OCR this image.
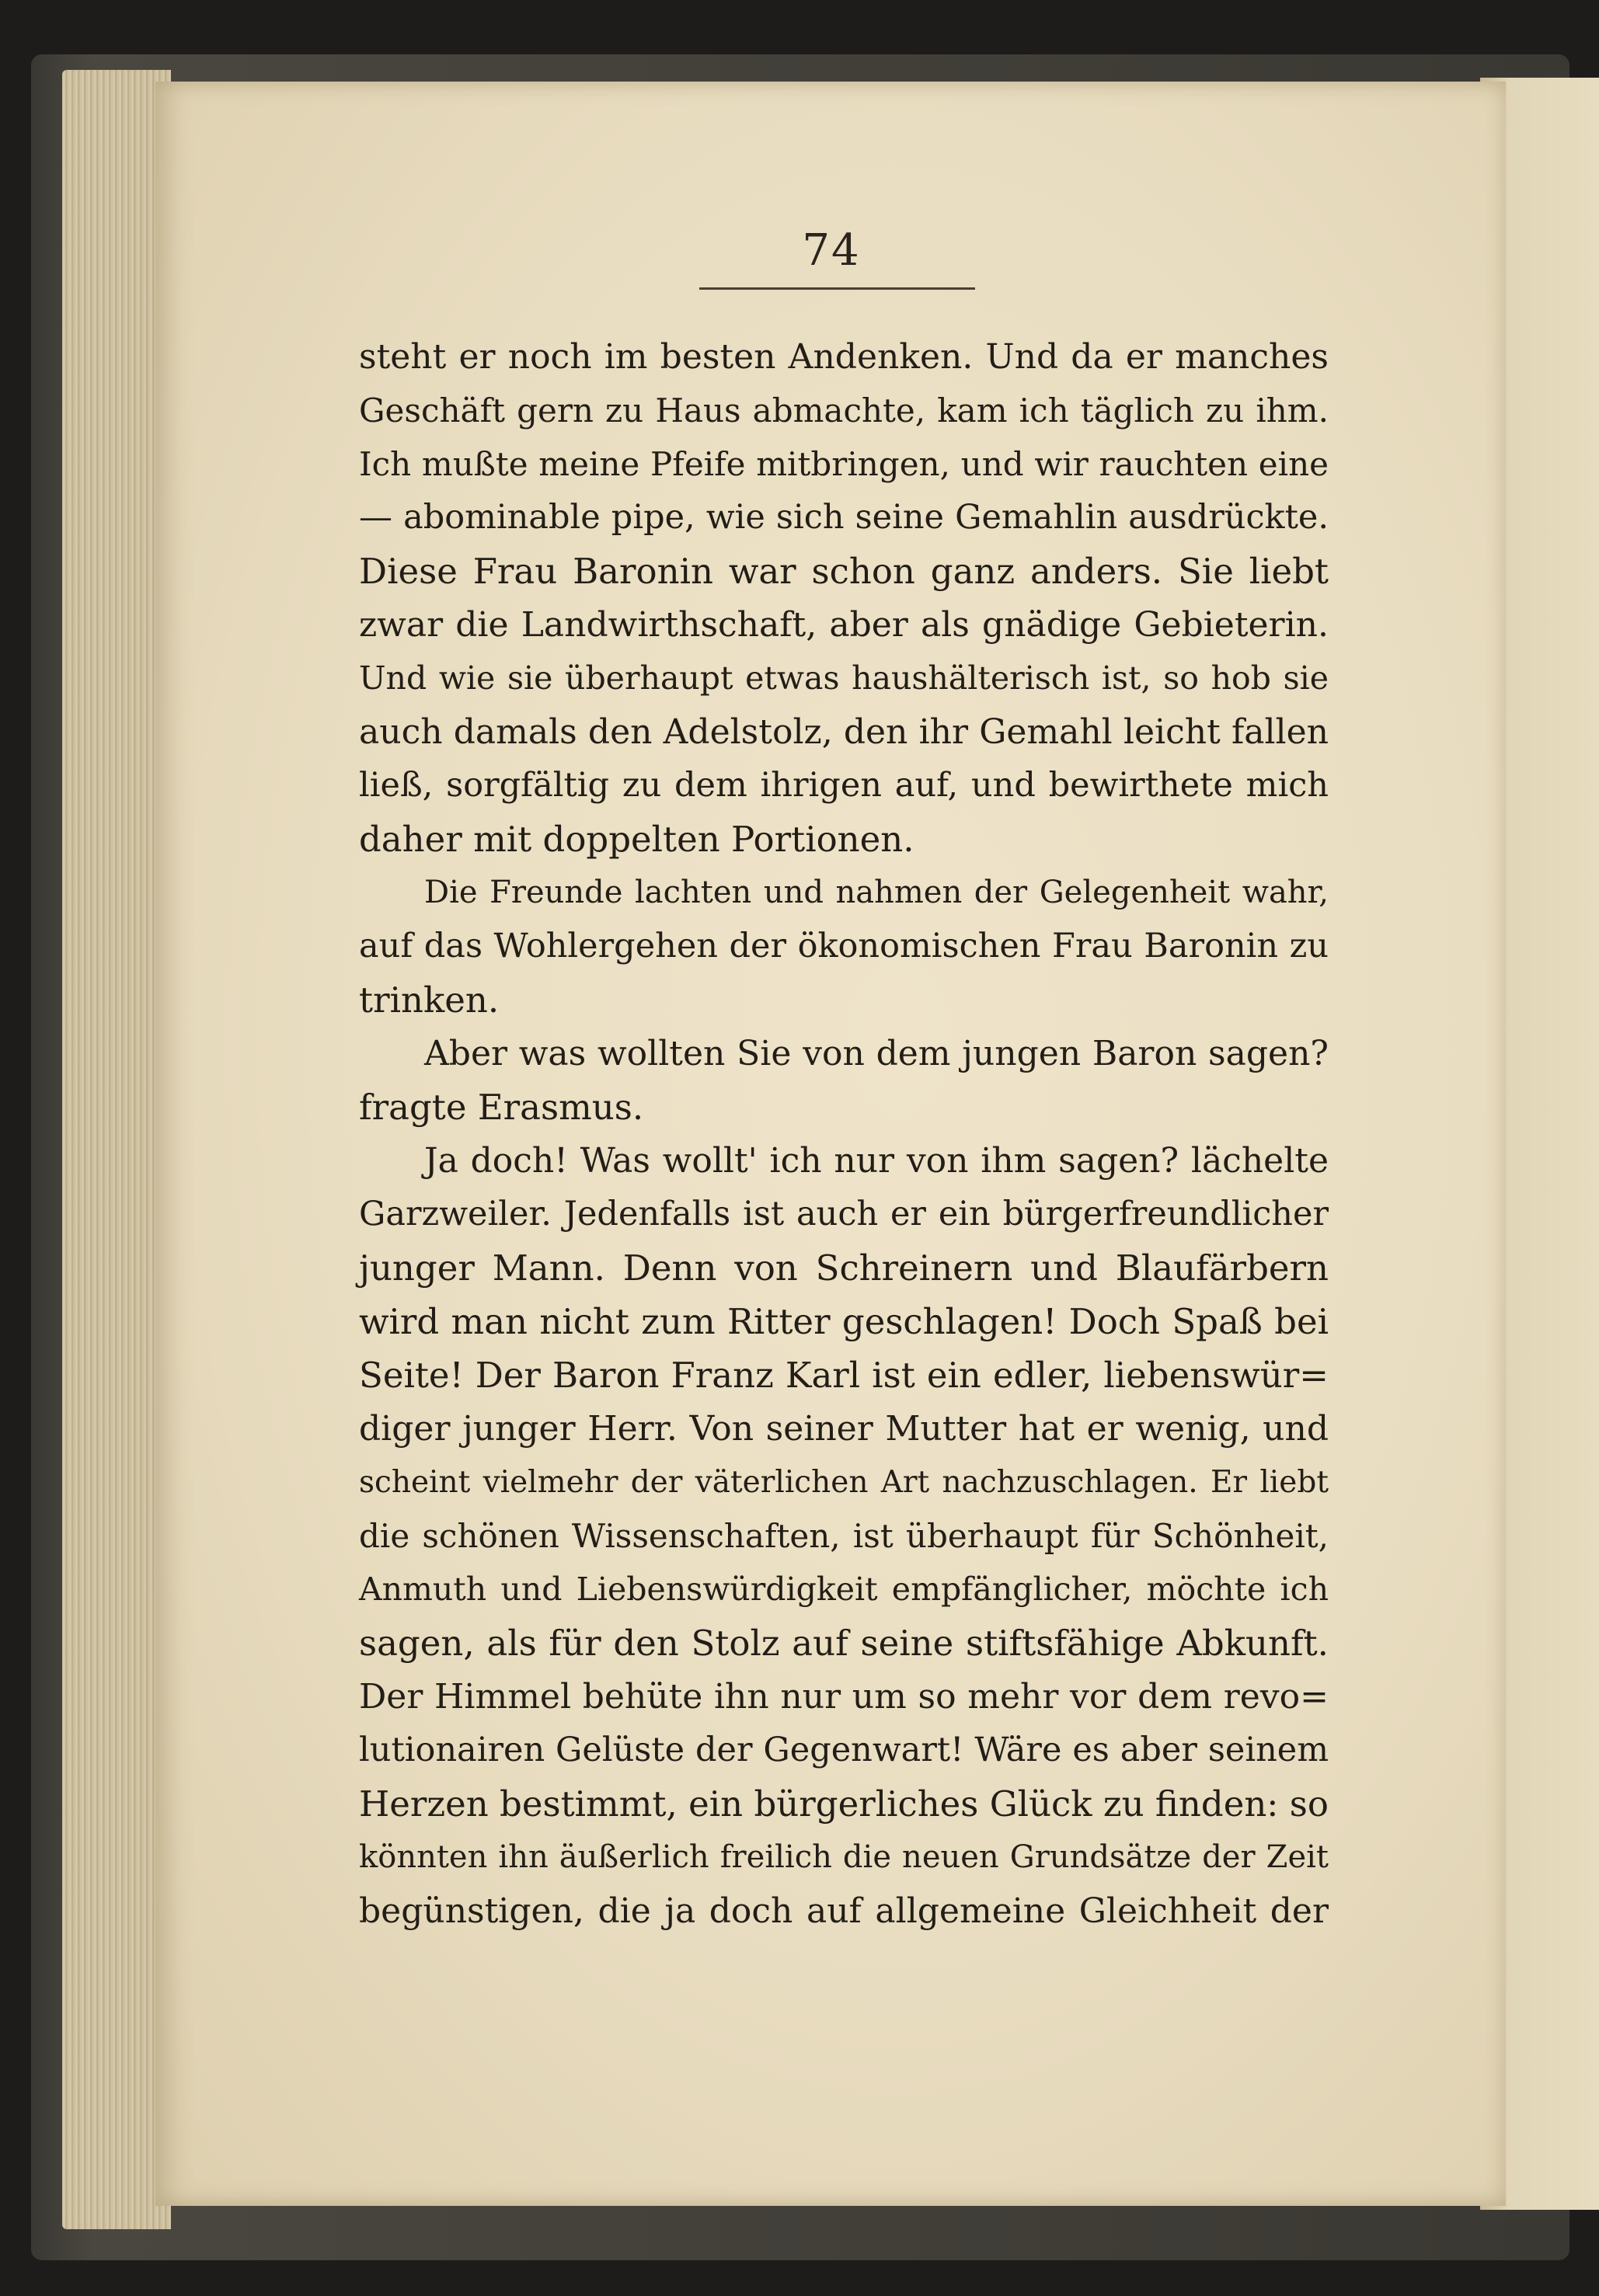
74
steht er noch im besten Andenken. Und da er manches
Geschäft gern zu Haus abmachte, kam ich täglich zu ihm.
Ich mußte meine Pfeife mitbringen, und wir rauchten eine
— abominable pipe, wie sich seine Gemahlin ausdrückte.
Diese Frau Baronin war schon ganz anders. Sie liebt
zwar die Landwirthschaft, aber als gnädige Gebieterin.
Und wie sie überhaupt etwas haushälterisch ist, so hob sie
auch damals den Adelstolz, den ihr Gemahl leicht fallen
ließ, sorgfältig zu dem ihrigen auf, und bewirthete mich
daher mit doppelten Portionen.
Die Freunde lachten und nahmen der Gelegenheit wahr,
auf das Wohlergehen der ökonomischen Frau Baronin zu
trinken.
Aber was wollten Sie von dem jungen Baron sagen?
fragte Erasmus.
Ja doch! Was wollt' ich nur von ihm sagen? lächelte
Garzweiler. Jedenfalls ist auch er ein bürgerfreundlicher
junger Mann. Denn von Schreinern und Blaufärbern
wird man nicht zum Ritter geschlagen! Doch Spaß bei
Seite! Der Baron Franz Karl ist ein edler, liebenswür=
diger junger Herr. Von seiner Mutter hat er wenig, und
scheint vielmehr der väterlichen Art nachzuschlagen. Er liebt
die schönen Wissenschaften, ist überhaupt für Schönheit,
Anmuth und Liebenswürdigkeit empfänglicher, möchte ich
sagen, als für den Stolz auf seine stiftsfähige Abkunft.
Der Himmel behüte ihn nur um so mehr vor dem revo=
lutionairen Gelüste der Gegenwart! Wäre es aber seinem
Herzen bestimmt, ein bürgerliches Glück zu finden: so
könnten ihn äußerlich freilich die neuen Grundsätze der Zeit
begünstigen, die ja doch auf allgemeine Gleichheit der
